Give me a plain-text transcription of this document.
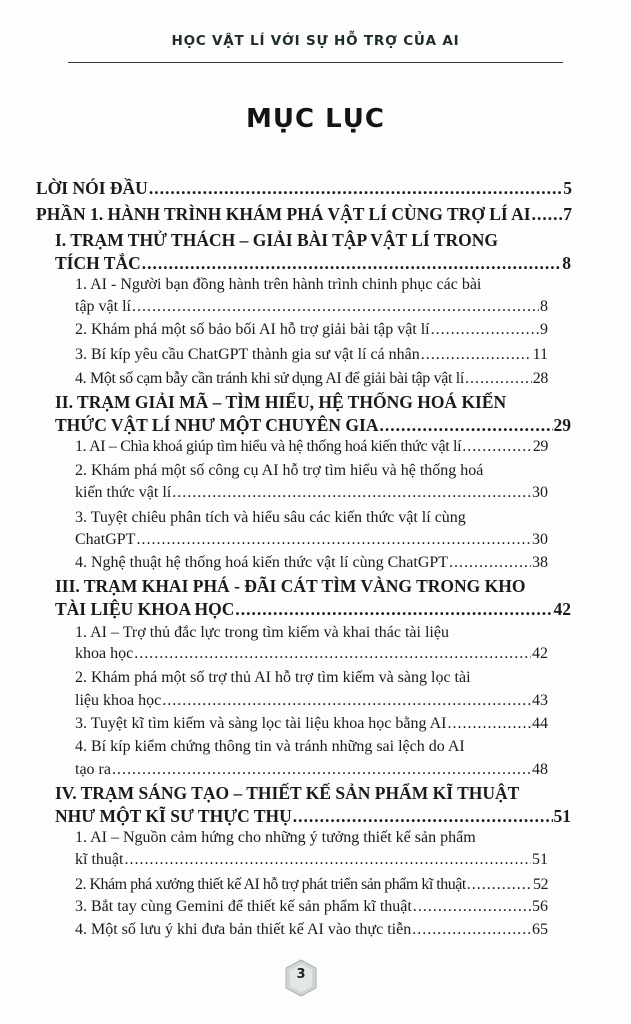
HỌC VẬT LÍ VỚI SỰ HỖ TRỢ CỦA AI
MỤC LỤC
LỜI NÓI ĐẦU .....	5
PHẦN 1. HÀNH TRÌNH KHÁM PHÁ VẬT LÍ CÙNG TRỢ LÍ AI ..... 7
I. TRẠM THỬ THÁCH – GIẢI BÀI TẬP VẬT LÍ TRONG
TÍCH TẮC .....	8
1. AI - Người bạn đồng hành trên hành trình chinh phục các bài
tập vật lí .....	8
2. Khám phá một số bảo bối AI hỗ trợ giải bài tập vật lí .....	9
3. Bí kíp yêu cầu ChatGPT thành gia sư vật lí cá nhân .....	11
4. Một số cạm bẫy cần tránh khi sử dụng AI để giải bài tập vật lí .....	28
II. TRẠM GIẢI MÃ – TÌM HIỂU, HỆ THỐNG HOÁ KIẾN
THỨC VẬT LÍ NHƯ MỘT CHUYÊN GIA .....	29
1. AI – Chìa khoá giúp tìm hiểu và hệ thống hoá kiến thức vật lí .....	29
2. Khám phá một số công cụ AI hỗ trợ tìm hiểu và hệ thống hoá
kiến thức vật lí .....	30
3. Tuyệt chiêu phân tích và hiểu sâu các kiến thức vật lí cùng
ChatGPT .....	30
4. Nghệ thuật hệ thống hoá kiến thức vật lí cùng ChatGPT .....	38
III. TRẠM KHAI PHÁ - ĐÃI CÁT TÌM VÀNG TRONG KHO
TÀI LIỆU KHOA HỌC .....	42
1. AI – Trợ thủ đắc lực trong tìm kiếm và khai thác tài liệu
khoa học .....	42
2. Khám phá một số trợ thủ AI hỗ trợ tìm kiếm và sàng lọc tài
liệu khoa học .....	43
3. Tuyệt kĩ tìm kiếm và sàng lọc tài liệu khoa học bằng AI .....	44
4. Bí kíp kiểm chứng thông tin và tránh những sai lệch do AI
tạo ra .....	48
IV. TRẠM SÁNG TẠO – THIẾT KẾ SẢN PHẨM KĨ THUẬT
NHƯ MỘT KĨ SƯ THỰC THỤ .....	51
1. AI – Nguồn cảm hứng cho những ý tưởng thiết kế sản phẩm
kĩ thuật .....	51
2. Khám phá xưởng thiết kế AI hỗ trợ phát triển sản phẩm kĩ thuật .....	52
3. Bắt tay cùng Gemini để thiết kế sản phẩm kĩ thuật .....	56
4. Một số lưu ý khi đưa bản thiết kế AI vào thực tiễn .....	65
3
